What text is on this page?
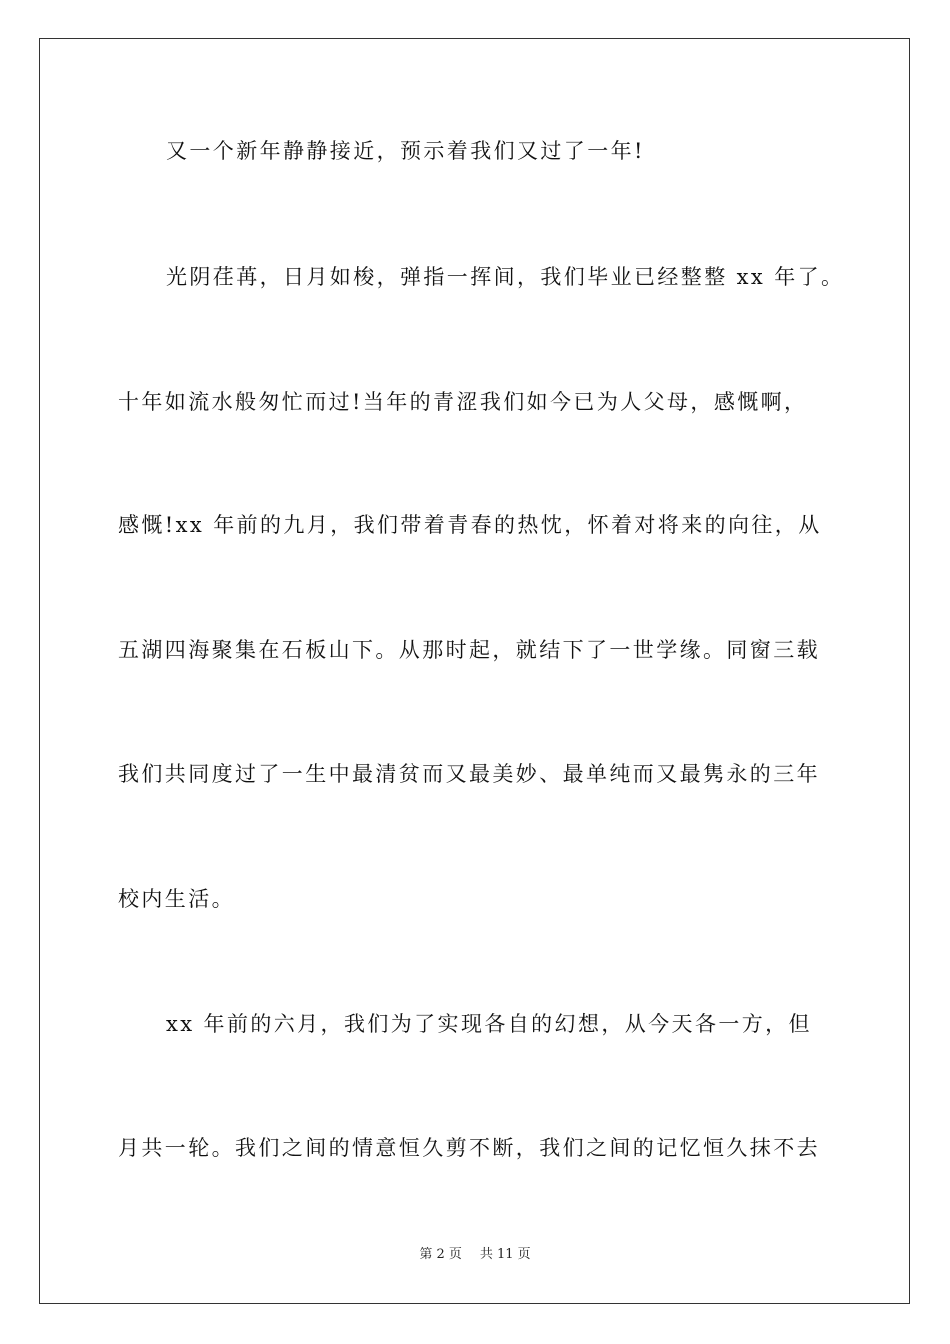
又一个新年静静接近，预示着我们又过了一年!
光阴荏苒，日月如梭，弹指一挥间，我们毕业已经整整 xx 年了。
十年如流水般匆忙而过!当年的青涩我们如今已为人父母，感慨啊，
感慨!xx 年前的九月，我们带着青春的热忱，怀着对将来的向往，从
五湖四海聚集在石板山下。从那时起，就结下了一世学缘。同窗三载
我们共同度过了一生中最清贫而又最美妙、最单纯而又最隽永的三年
校内生活。
xx 年前的六月，我们为了实现各自的幻想，从今天各一方，但
月共一轮。我们之间的情意恒久剪不断，我们之间的记忆恒久抹不去
第 2 页 共 11 页
